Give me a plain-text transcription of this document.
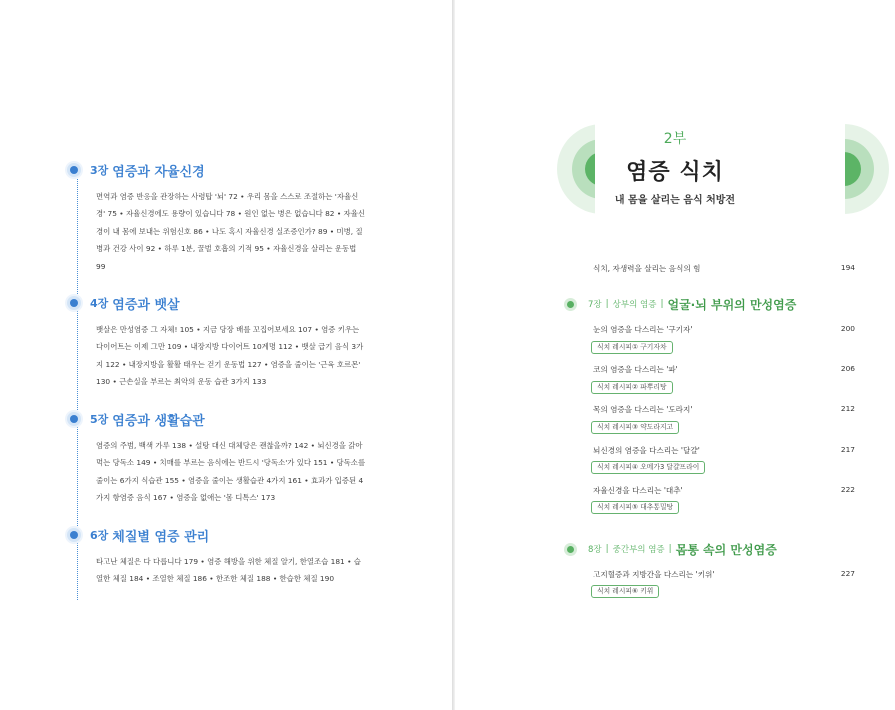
3장 염증과 자율신경
면역과 염증 반응을 관장하는 사령탑 '뇌' 72 • 우리 몸을 스스로 조절하는 '자율신경' 75 • 자율신경에도 용량이 있습니다 78 • 원인 없는 병은 없습니다 82 • 자율신경이 내 몸에 보내는 위험신호 86 • 나도 혹시 자율신경 실조증인가? 89 • 미병, 질병과 건강 사이 92 • 하루 1분, 꿀벌 호흡의 기적 95 • 자율신경을 살리는 운동법 99
4장 염증과 뱃살
뱃살은 만성염증 그 자체! 105 • 지금 당장 배를 꼬집어보세요 107 • 염증 키우는 다이어트는 이제 그만 109 • 내장지방 다이어트 10계명 112 • 뱃살 급기 음식 3가지 122 • 내장지방을 활활 태우는 걷기 운동법 127 • 염증을 줄이는 '근육 호르몬' 130 • 근손실을 부르는 최악의 운동 습관 3가지 133
5장 염증과 생활습관
염증의 주범, 백색 가루 138 • 설탕 대신 대체당은 괜찮을까? 142 • 뇌신경을 갉아 먹는 당독소 149 • 치매를 부르는 음식에는 반드시 '당독소'가 있다 151 • 당독소를 줄이는 6가지 식습관 155 • 염증을 줄이는 생활습관 4가지 161 • 효과가 입증된 4가지 항염증 음식 167 • 염증을 없애는 '몸 디톡스' 173
6장 체질별 염증 관리
타고난 체질은 다 다릅니다 179 • 염증 해방을 위한 체질 알기, 한열조습 181 • 습열한 체질 184 • 조열한 체질 186 • 한조한 체질 188 • 한습한 체질 190
2부
염증 식치
내 몸을 살리는 음식 처방전
식치, 자생력을 살리는 음식의 힘	194
7장 | 상부의 염증 | 얼굴·뇌 부위의 만성염증
눈의 염증을 다스리는 '구기자'	200
식치 레시피① 구기자차
코의 염증을 다스리는 '파'	206
식치 레시피② 파뿌리탕
목의 염증을 다스리는 '도라지'	212
식치 레시피③ 약도라지고
뇌신경의 염증을 다스리는 '달걀'	217
식치 레시피④ 오메가3 달걀프라이
자율신경을 다스리는 '대추'	222
식치 레시피⑤ 대추통밀탕
8장 | 중간부의 염증 | 몸통 속의 만성염증
고지혈증과 지방간을 다스리는 '키위'	227
식치 레시피⑥ 키위
